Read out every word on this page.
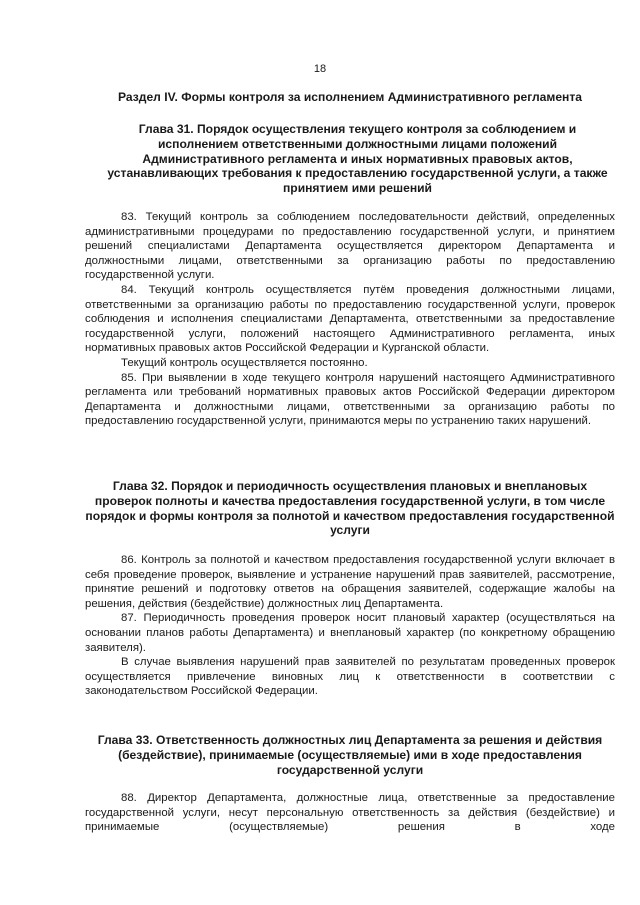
18

Раздел IV. Формы контроля за исполнением Административного регламента

Глава 31. Порядок осуществления текущего контроля за соблюдением и исполнением ответственными должностными лицами положений Административного регламента и иных нормативных правовых актов, устанавливающих требования к предоставлению государственной услуги, а также принятием ими решений

83. Текущий контроль за соблюдением последовательности действий, определенных административными процедурами по предоставлению государственной услуги, и принятием решений специалистами Департамента осуществляется директором Департамента и должностными лицами, ответственными за организацию работы по предоставлению государственной услуги.

84. Текущий контроль осуществляется путём проведения должностными лицами, ответственными за организацию работы по предоставлению государственной услуги, проверок соблюдения и исполнения специалистами Департамента, ответственными за предоставление государственной услуги, положений настоящего Административного регламента, иных нормативных правовых актов Российской Федерации и Курганской области.

Текущий контроль осуществляется постоянно.

85. При выявлении в ходе текущего контроля нарушений настоящего Административного регламента или требований нормативных правовых актов Российской Федерации директором Департамента и должностными лицами, ответственными за организацию работы по предоставлению государственной услуги, принимаются меры по устранению таких нарушений.

Глава 32. Порядок и периодичность осуществления плановых и внеплановых проверок полноты и качества предоставления государственной услуги, в том числе порядок и формы контроля за полнотой и качеством предоставления государственной услуги

86. Контроль за полнотой и качеством предоставления государственной услуги включает в себя проведение проверок, выявление и устранение нарушений прав заявителей, рассмотрение, принятие решений и подготовку ответов на обращения заявителей, содержащие жалобы на решения, действия (бездействие) должностных лиц Департамента.

87. Периодичность проведения проверок носит плановый характер (осуществляться на основании планов работы Департамента) и внеплановый характер (по конкретному обращению заявителя).

В случае выявления нарушений прав заявителей по результатам проведенных проверок осуществляется привлечение виновных лиц к ответственности в соответствии с законодательством Российской Федерации.

Глава 33. Ответственность должностных лиц Департамента за решения и действия (бездействие), принимаемые (осуществляемые) ими в ходе предоставления государственной услуги

88. Директор Департамента, должностные лица, ответственные за предоставление государственной услуги, несут персональную ответственность за действия (бездействие) и принимаемые (осуществляемые) решения в ходе
